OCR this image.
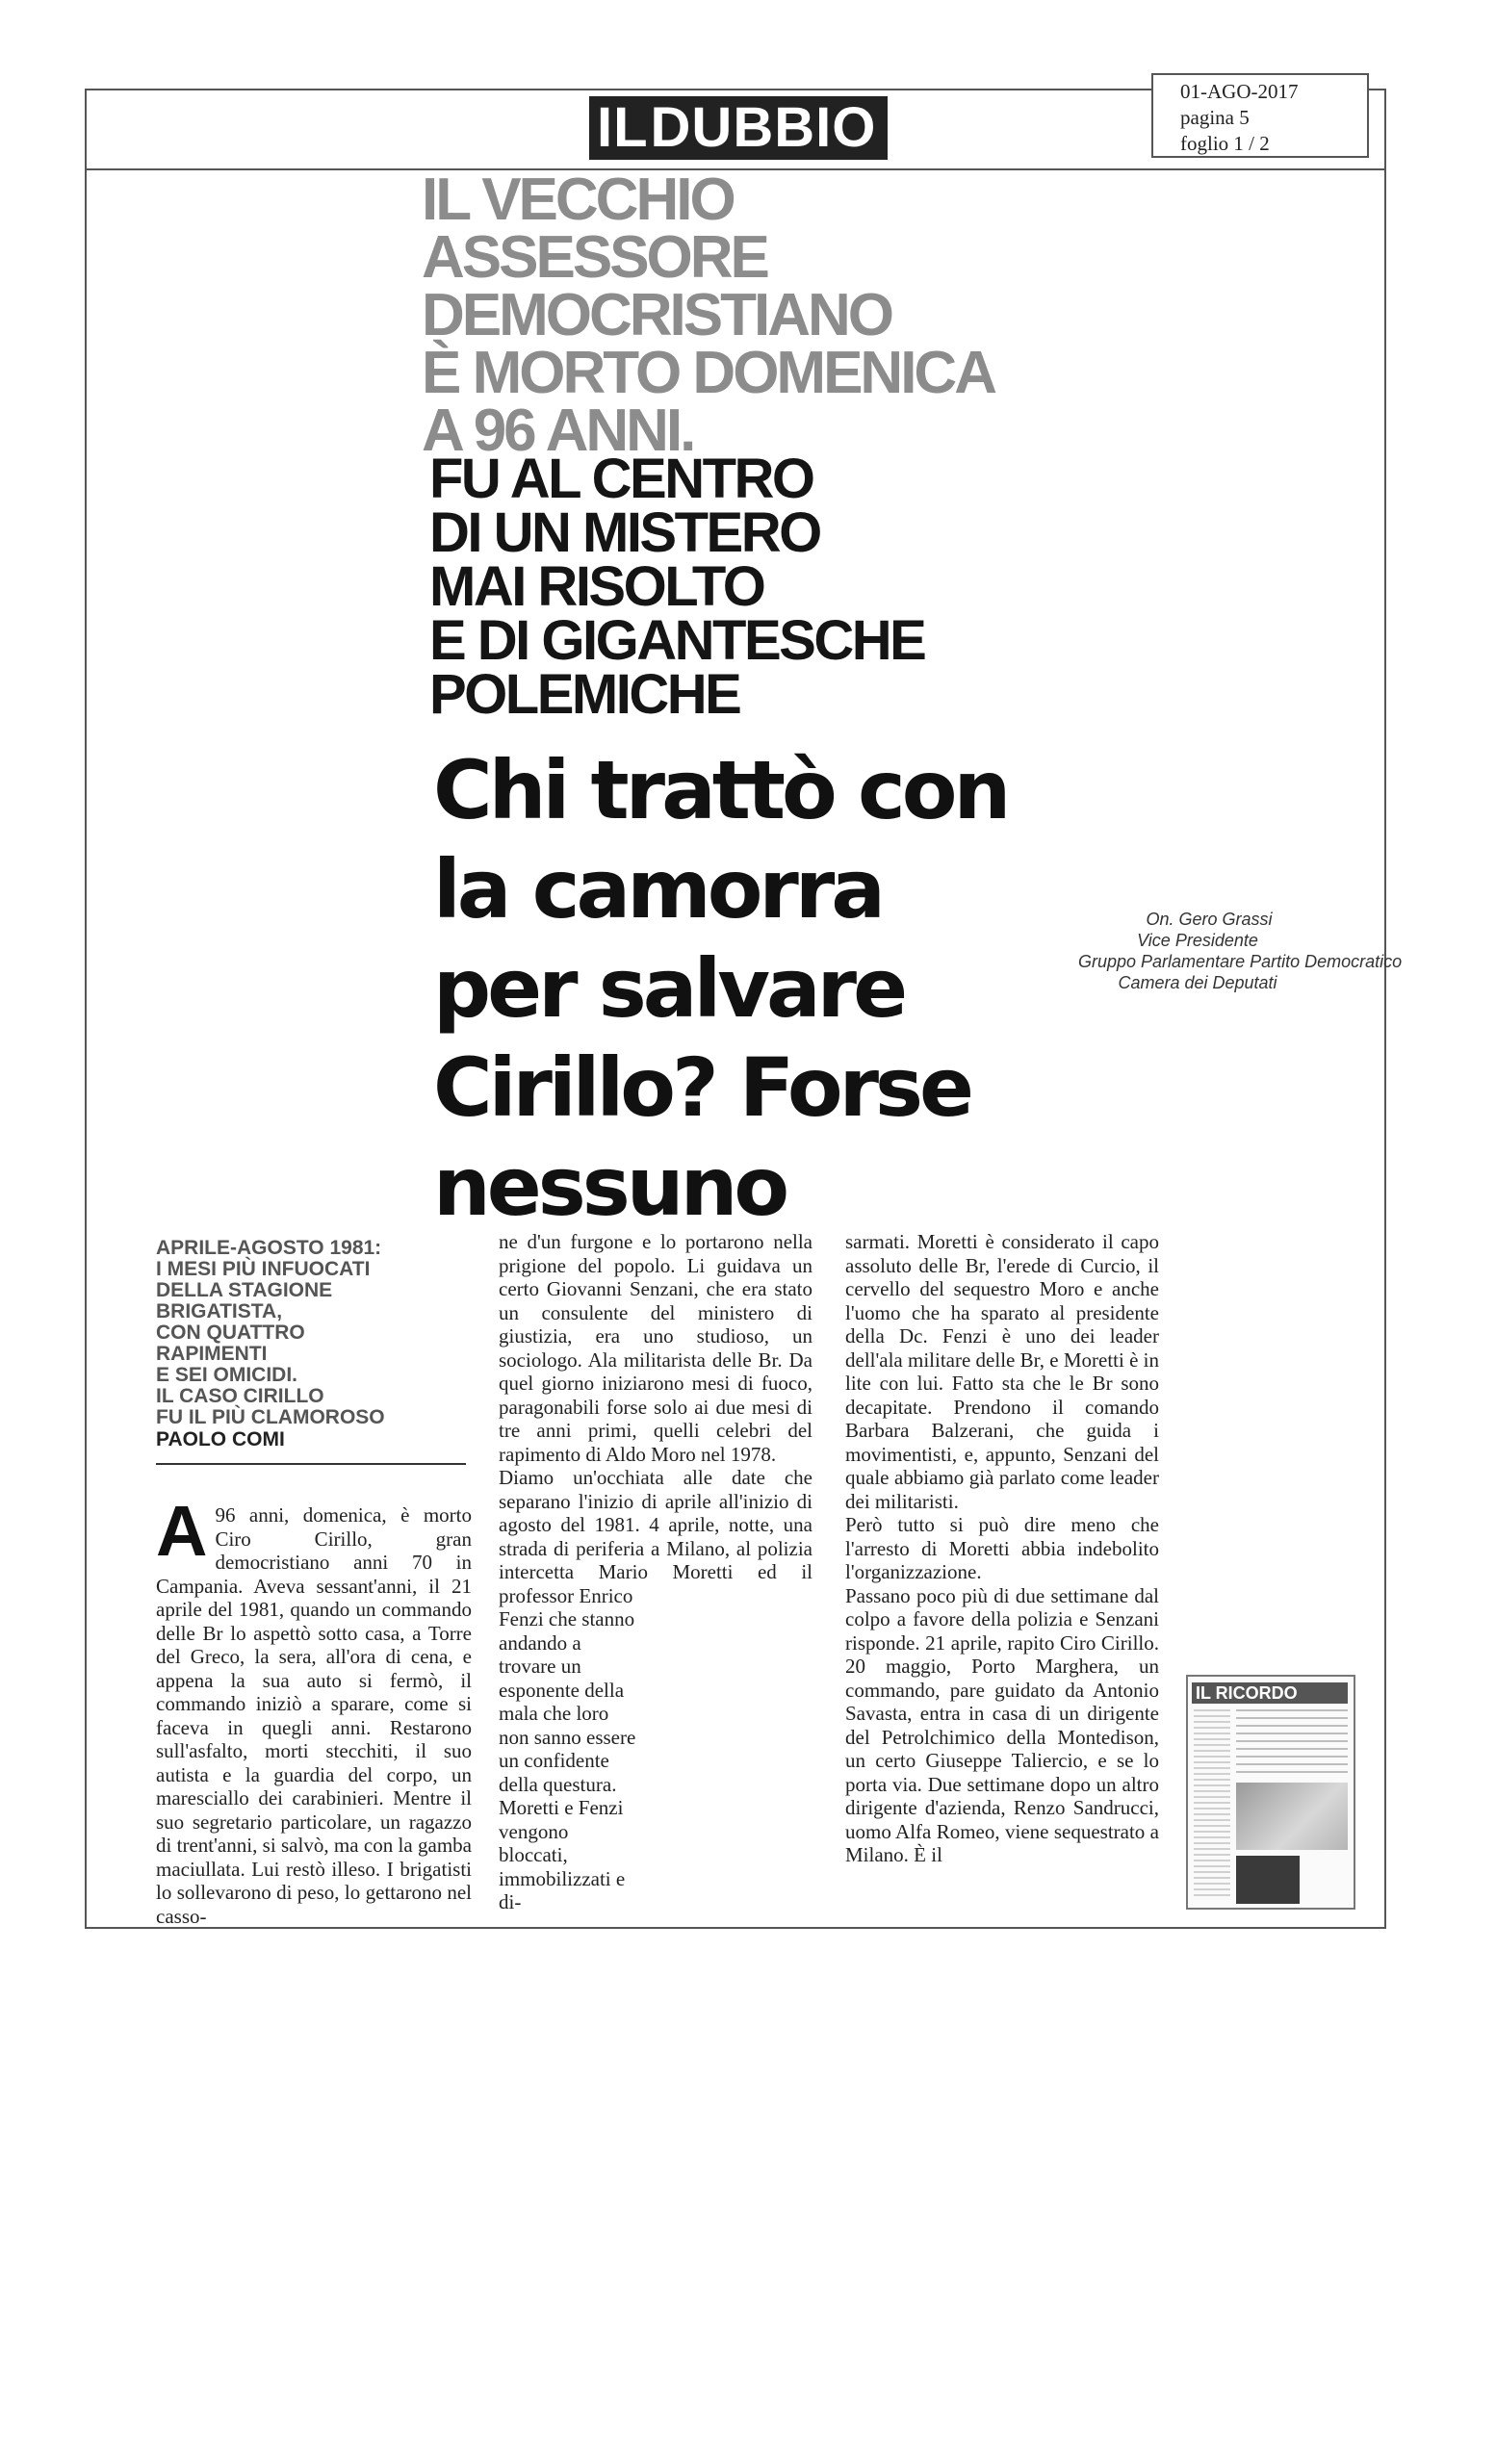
IL DUBBIO
01-AGO-2017
pagina 5
foglio 1 / 2
IL VECCHIO
ASSESSORE
DEMOCRISTIANO
È MORTO DOMENICA
A 96 ANNI.
FU AL CENTRO
DI UN MISTERO
MAI RISOLTO
E DI GIGANTESCHE
POLEMICHE
Chi trattò con
la camorra
per salvare
Cirillo? Forse
nessuno
On. Gero Grassi
Vice Presidente
Gruppo Parlamentare Partito Democratico
Camera dei Deputati
APRILE-AGOSTO 1981:
I MESI PIÙ INFUOCATI
DELLA STAGIONE
BRIGATISTA,
CON QUATTRO
RAPIMENTI
E SEI OMICIDI.
IL CASO CIRILLO
FU IL PIÙ CLAMOROSO
PAOLO COMI
A 96 anni, domenica, è morto Ciro Cirillo, gran democristiano anni 70 in Campania. Aveva sessant'anni, il 21 aprile del 1981, quando un commando delle Br lo aspettò sotto casa, a Torre del Greco, la sera, all'ora di cena, e appena la sua auto si fermò, il commando iniziò a sparare, come si faceva in quegli anni. Restarono sull'asfalto, morti stecchiti, il suo autista e la guardia del corpo, un maresciallo dei carabinieri. Mentre il suo segretario particolare, un ragazzo di trent'anni, si salvò, ma con la gamba maciullata. Lui restò illeso. I brigatisti lo sollevarono di peso, lo gettarono nel casso-

ne d'un furgone e lo portarono nella prigione del popolo. Li guidava un certo Giovanni Senzani, che era stato un consulente del ministero di giustizia, era uno studioso, un sociologo. Ala militarista delle Br. Da quel giorno iniziarono mesi di fuoco, paragonabili forse solo ai due mesi di tre anni primi, quelli celebri del rapimento di Aldo Moro nel 1978.

Diamo un'occhiata alle date che separano l'inizio di aprile all'inizio di agosto del 1981. 4 aprile, notte, una strada di periferia a Milano, al polizia intercetta Mario Moretti ed il professor Enrico

Fenzi che stanno andando a trovare un esponente della mala che loro non sanno essere un confidente della questura. Moretti e Fenzi vengono bloccati, immobilizzati e di-

sarmati. Moretti è considerato il capo assoluto delle Br, l'erede di Curcio, il cervello del sequestro Moro e anche l'uomo che ha sparato al presidente della Dc. Fenzi è uno dei leader dell'ala militare delle Br, e Moretti è in lite con lui. Fatto sta che le Br sono decapitate. Prendono il comando Barbara Balzerani, che guida i movimentisti, e, appunto, Senzani del quale abbiamo già parlato come leader dei militaristi.

Però tutto si può dire meno che l'arresto di Moretti abbia indebolito l'organizzazione.

Passano poco più di due settimane dal colpo a favore della polizia e Senzani risponde. 21 aprile, rapito Ciro Cirillo. 20 maggio, Porto Marghera, un commando, pare guidato da Antonio Savasta, entra in casa di un dirigente del Petrolchimico della Montedison, un certo Giuseppe Taliercio, e se lo porta via. Due settimane dopo un altro dirigente d'azienda, Renzo Sandrucci, uomo Alfa Romeo, viene sequestrato a Milano. È il

IL RICORDO
